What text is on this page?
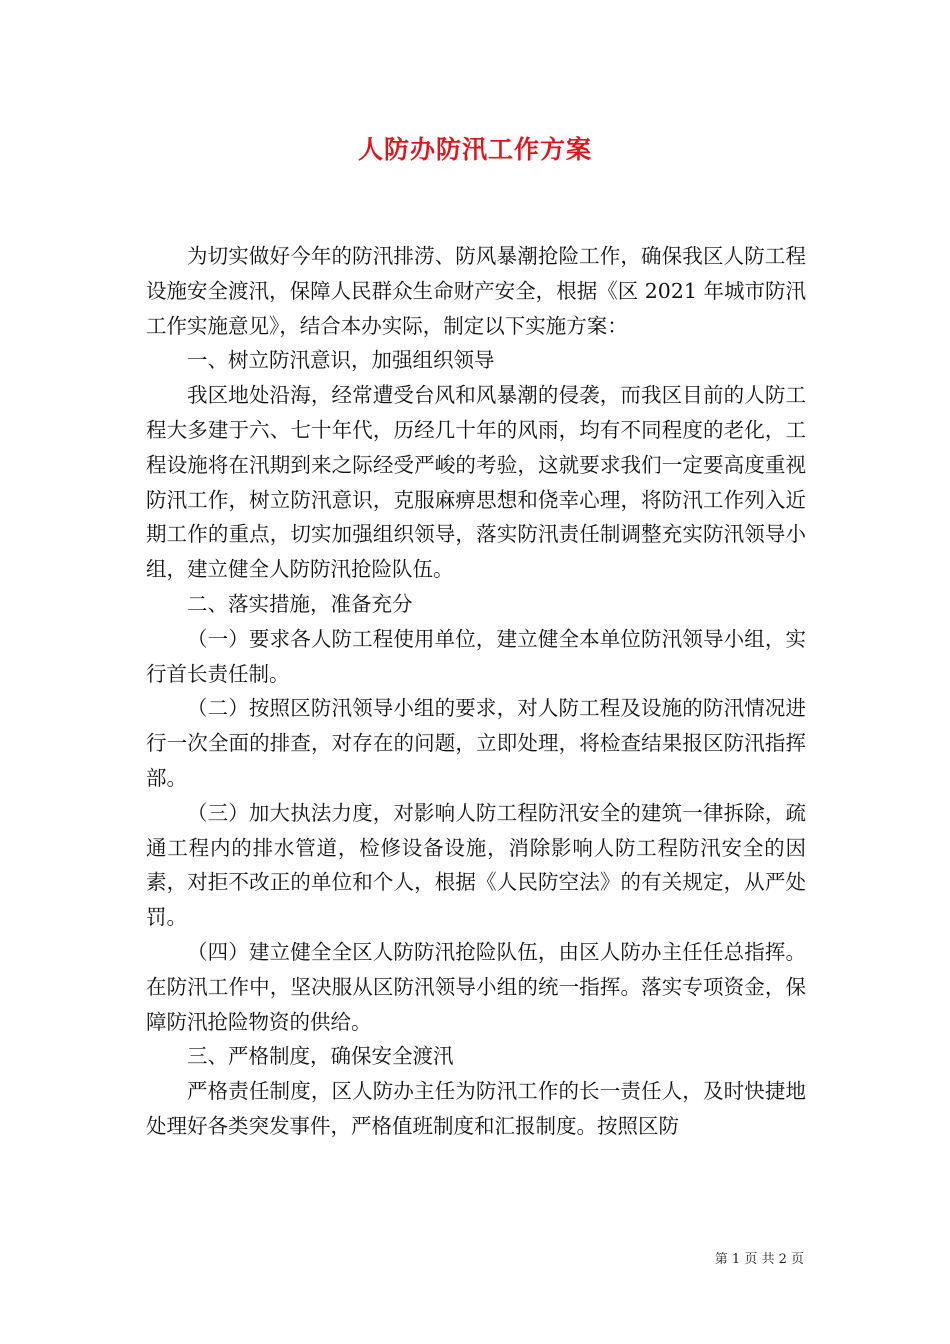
人防办防汛工作方案

为切实做好今年的防汛排涝、防风暴潮抢险工作，确保我区人防工程设施安全渡汛，保障人民群众生命财产安全，根据《区 2021 年城市防汛工作实施意见》，结合本办实际，制定以下实施方案：

一、树立防汛意识，加强组织领导

我区地处沿海，经常遭受台风和风暴潮的侵袭，而我区目前的人防工程大多建于六、七十年代，历经几十年的风雨，均有不同程度的老化，工程设施将在汛期到来之际经受严峻的考验，这就要求我们一定要高度重视防汛工作，树立防汛意识，克服麻痹思想和侥幸心理，将防汛工作列入近期工作的重点，切实加强组织领导，落实防汛责任制调整充实防汛领导小组，建立健全人防防汛抢险队伍。

二、落实措施，准备充分

（一）要求各人防工程使用单位，建立健全本单位防汛领导小组，实行首长责任制。

（二）按照区防汛领导小组的要求，对人防工程及设施的防汛情况进行一次全面的排查，对存在的问题，立即处理，将检查结果报区防汛指挥部。

（三）加大执法力度，对影响人防工程防汛安全的建筑一律拆除，疏通工程内的排水管道，检修设备设施，消除影响人防工程防汛安全的因素，对拒不改正的单位和个人，根据《人民防空法》的有关规定，从严处罚。

（四）建立健全全区人防防汛抢险队伍，由区人防办主任任总指挥。在防汛工作中，坚决服从区防汛领导小组的统一指挥。落实专项资金，保障防汛抢险物资的供给。

三、严格制度，确保安全渡汛

严格责任制度，区人防办主任为防汛工作的长一责任人，及时快捷地处理好各类突发事件，严格值班制度和汇报制度。按照区防

第 1 页 共 2 页
